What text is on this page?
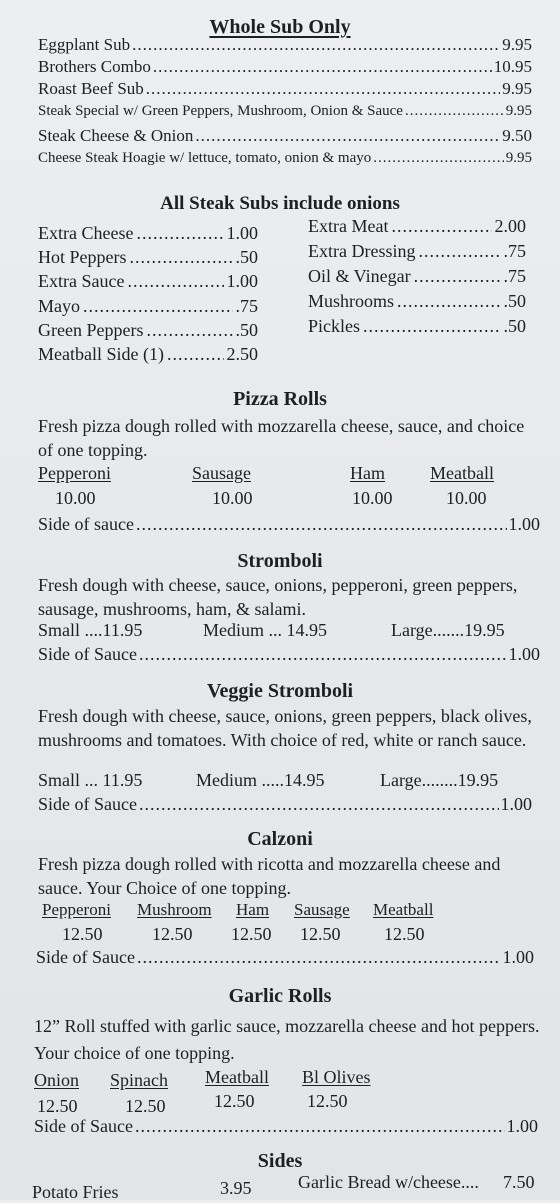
Whole Sub Only
Eggplant Sub .....	9.95
Brothers Combo .....	10.95
Roast Beef Sub .....	9.95
Steak Special w/ Green Peppers, Mushroom, Onion & Sauce .....	9.95
Steak Cheese & Onion .....	9.50
Cheese Steak Hoagie w/ lettuce, tomato, onion & mayo .....	9.95
All Steak Subs include onions
Extra Cheese .....	1.00
Hot Peppers .....	.50
Extra Sauce .....	1.00
Mayo .....	.75
Green Peppers .....	.50
Meatball Side (1) .....	2.50
Extra Meat .....	2.00
Extra Dressing .....	.75
Oil & Vinegar .....	.75
Mushrooms .....	.50
Pickles .....	.50
Pizza Rolls
Fresh pizza dough rolled with mozzarella cheese, sauce, and choice of one topping.
Pepperoni	Sausage	Ham	Meatball
10.00	10.00	10.00	10.00
Side of sauce .....	1.00
Stromboli
Fresh dough with cheese, sauce, onions, pepperoni, green peppers, sausage, mushrooms, ham, & salami.
Small ....11.95	Medium ... 14.95	Large.......19.95
Side of Sauce .....	1.00
Veggie Stromboli
Fresh dough with cheese, sauce, onions, green peppers, black olives, mushrooms and tomatoes. With choice of red, white or ranch sauce.
Small ... 11.95	Medium .....14.95	Large........19.95
Side of Sauce .....	1.00
Calzoni
Fresh pizza dough rolled with ricotta and mozzarella cheese and sauce. Your Choice of one topping.
Pepperoni Mushroom Ham Sausage Meatball
12.50	12.50 12.50 12.50 12.50
Side of Sauce .....	1.00
Garlic Rolls
12” Roll stuffed with garlic sauce, mozzarella cheese and hot peppers. Your choice of one topping.
Onion Spinach Meatball Bl Olives
12.50	12.50	12.50	12.50
Side of Sauce .....	1.00
Sides
Potato Fries	3.95	Garlic Bread w/cheese.... 7.50
